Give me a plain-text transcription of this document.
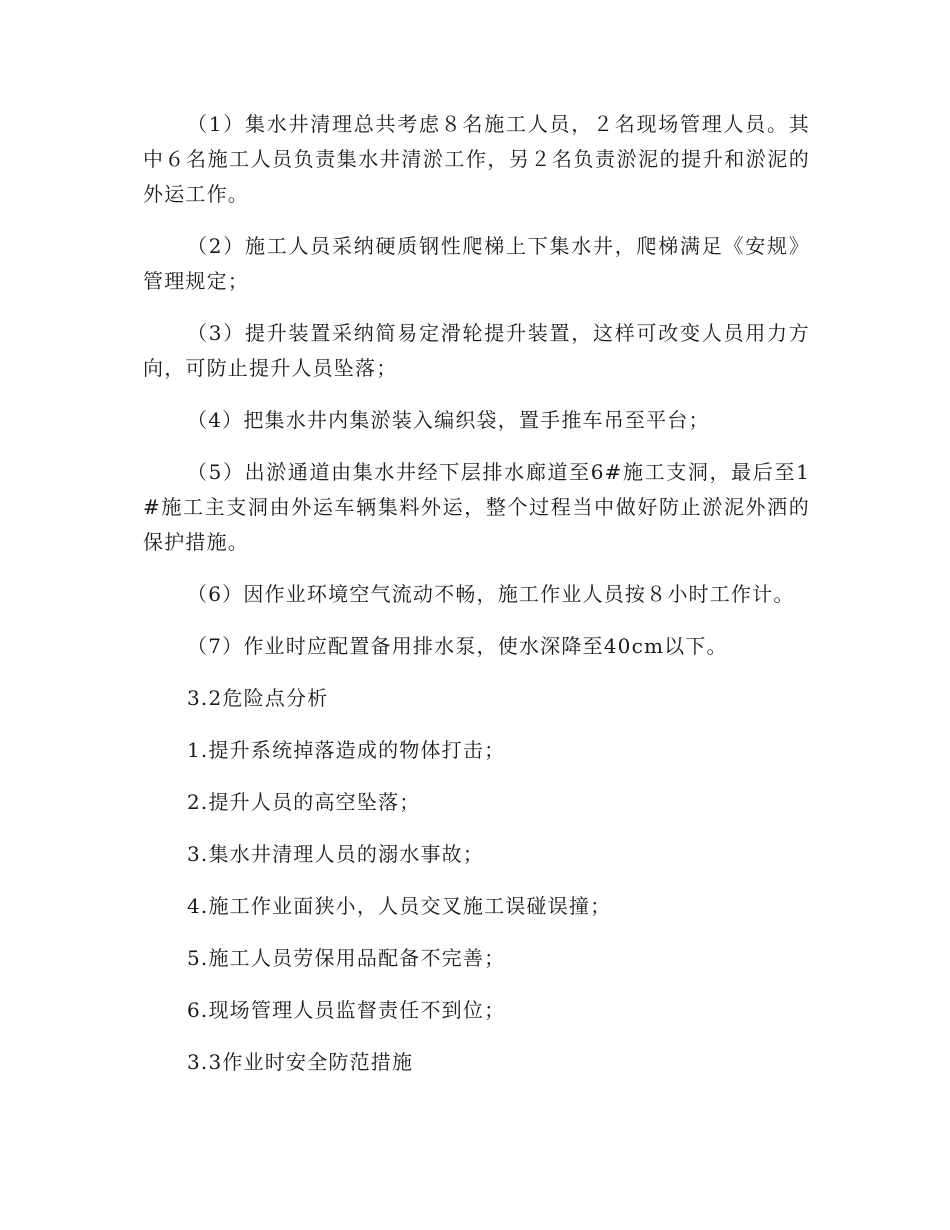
（1）集水井清理总共考虑８名施工人员，２名现场管理人员。其中６名施工人员负责集水井清淤工作，另２名负责淤泥的提升和淤泥的外运工作。

（2）施工人员采纳硬质钢性爬梯上下集水井，爬梯满足《安规》管理规定；

（3）提升装置采纳简易定滑轮提升装置，这样可改变人员用力方向，可防止提升人员坠落；

（4）把集水井内集淤装入编织袋，置手推车吊至平台；

（5）出淤通道由集水井经下层排水廊道至6#施工支洞，最后至1#施工主支洞由外运车辆集料外运，整个过程当中做好防止淤泥外洒的保护措施。

（6）因作业环境空气流动不畅，施工作业人员按８小时工作计。

（7）作业时应配置备用排水泵，使水深降至40cm以下。

3.2危险点分析

1.提升系统掉落造成的物体打击；

2.提升人员的高空坠落；

3.集水井清理人员的溺水事故；

4.施工作业面狭小，人员交叉施工误碰误撞；

5.施工人员劳保用品配备不完善；

6.现场管理人员监督责任不到位；

3.3作业时安全防范措施
